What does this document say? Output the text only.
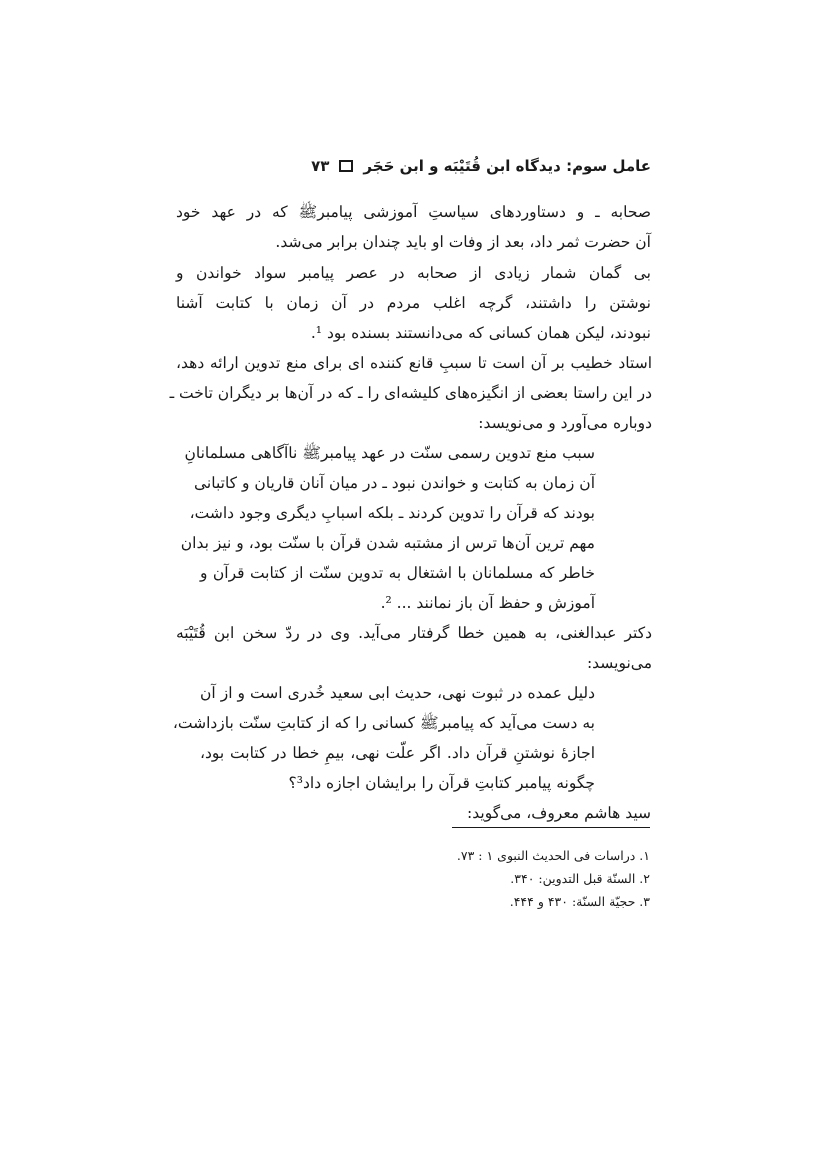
عامل سوم: دیدگاه ابن قُتَیْبَه و ابن حَجَر
۷۳
صحابه ـ و دستاوردهای سیاستِ آموزشی پیامبرﷺ که در عهد خود
آن حضرت ثمر داد، بعد از وفات او باید چندان برابر می‌شد.
بی گمان شمار زیادی از صحابه در عصر پیامبر سواد خواندن و
نوشتن را داشتند، گرچه اغلب مردم در آن زمان با کتابت آشنا
نبودند، لیکن همان کسانی که می‌دانستند بسنده بود ¹.
استاد خطیب بر آن است تا سببِ قانع کننده ای برای منع تدوین ارائه دهد،
در این راستا بعضی از انگیزه‌های کلیشه‌ای را ـ که در آن‌ها بر دیگران تاخت ـ
دوباره می‌آورد و می‌نویسد:
سبب منع تدوین رسمی سنّت در عهد پیامبرﷺ ناآگاهی مسلمانانِ
آن زمان به کتابت و خواندن نبود ـ در میان آنان قاریان و کاتبانی
بودند که قرآن را تدوین کردند ـ بلکه اسبابِ دیگری وجود داشت،
مهم ترین آن‌ها ترس از مشتبه شدن قرآن با سنّت بود، و نیز بدان
خاطر که مسلمانان با اشتغال به تدوین سنّت از کتابت قرآن و
آموزش و حفظ آن باز نمانند ... ².
دکتر عبدالغنی، به همین خطا گرفتار می‌آید. وی در ردّ سخن ابن قُتَیْبَه
می‌نویسد:
دلیل عمده در ثبوت نهی، حدیث ابی سعید خُدری است و از آن
به دست می‌آید که پیامبرﷺ کسانی را که از کتابتِ سنّت بازداشت،
اجازهٔ نوشتنِ قرآن داد. اگر علّت نهی، بیمِ خطا در کتابت بود،
چگونه پیامبر کتابتِ قرآن را برایشان اجازه داد³؟
سید هاشم معروف، می‌گوید:
۱. دراسات فی الحدیث النبوی ۱ : ۷۳.
۲. السنّة قبل التدوین: ۳۴۰.
۳. حجیّة السنّة: ۴۳۰ و ۴۴۴.
